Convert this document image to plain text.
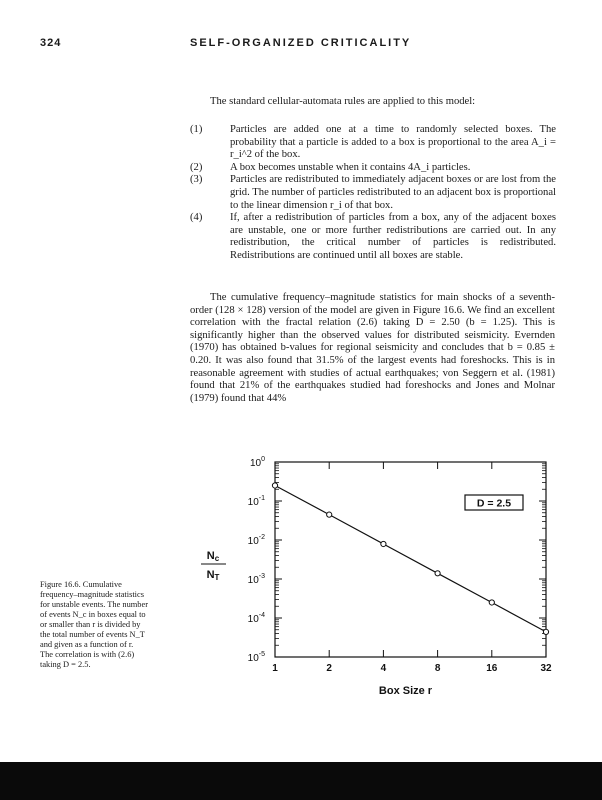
324	SELF-ORGANIZED CRITICALITY
The standard cellular-automata rules are applied to this model:
(1)	Particles are added one at a time to randomly selected boxes. The probability that a particle is added to a box is proportional to the area A_i = r_i^2 of the box.
(2)	A box becomes unstable when it contains 4A_i particles.
(3)	Particles are redistributed to immediately adjacent boxes or are lost from the grid. The number of particles redistributed to an adjacent box is proportional to the linear dimension r_i of that box.
(4)	If, after a redistribution of particles from a box, any of the adjacent boxes are unstable, one or more further redistributions are carried out. In any redistribution, the critical number of particles is redistributed. Redistributions are continued until all boxes are stable.
The cumulative frequency–magnitude statistics for main shocks of a seventh-order (128 × 128) version of the model are given in Figure 16.6. We find an excellent correlation with the fractal relation (2.6) taking D = 2.50 (b = 1.25). This is significantly higher than the observed values for distributed seismicity. Evernden (1970) has obtained b-values for regional seismicity and concludes that b = 0.85 ± 0.20. It was also found that 31.5% of the largest events had foreshocks. This is in reasonable agreement with studies of actual earthquakes; von Seggern et al. (1981) found that 21% of the earthquakes studied had foreshocks and Jones and Molnar (1979) found that 44%
$10^0$
$10^{-1}$
$10^{-2}$
$10^{-3}$
$10^{-4}$
$10^{-5}$
1	2	4	8	16	32
D = 2.5
Nc
NT
Box Size r
Figure 16.6. Cumulative frequency–magnitude statistics for unstable events. The number of events N_c in boxes equal to or smaller than r is divided by the total number of events N_T and given as a function of r. The correlation is with (2.6) taking D = 2.5.
